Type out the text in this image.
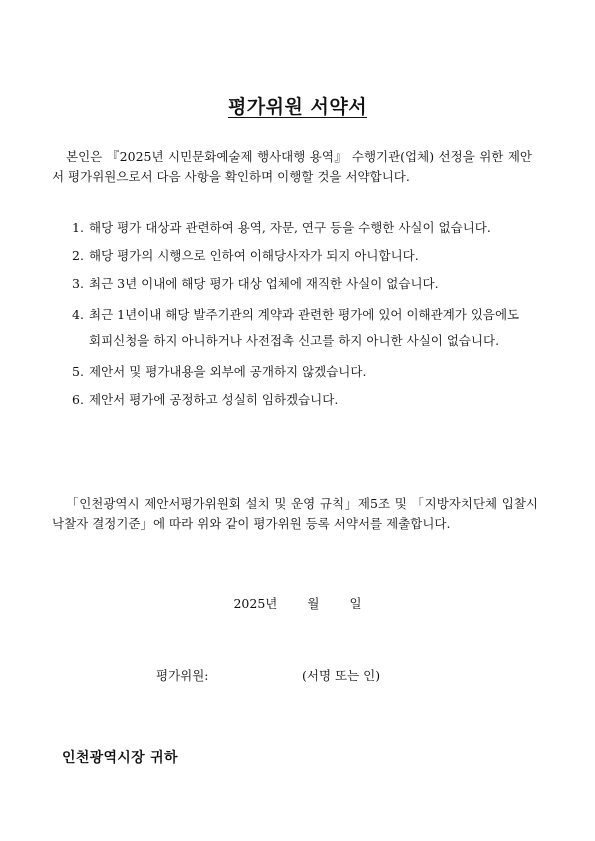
평가위원 서약서
본인은 『2025년 시민문화예술제 행사대행 용역』 수행기관(업체) 선정을 위한 제안서 평가위원으로서 다음 사항을 확인하며 이행할 것을 서약합니다.
1. 해당 평가 대상과 관련하여 용역, 자문, 연구 등을 수행한 사실이 없습니다.
2. 해당 평가의 시행으로 인하여 이해당사자가 되지 아니합니다.
3. 최근 3년 이내에 해당 평가 대상 업체에 재직한 사실이 없습니다.
4. 최근 1년이내 해당 발주기관의 계약과 관련한 평가에 있어 이해관계가 있음에도 회피신청을 하지 아니하거나 사전접촉 신고를 하지 아니한 사실이 없습니다.
5. 제안서 및 평가내용을 외부에 공개하지 않겠습니다.
6. 제안서 평가에 공정하고 성실히 임하겠습니다.
「인천광역시 제안서평가위원회 설치 및 운영 규칙」제5조 및 「지방자치단체 입찰시 낙찰자 결정기준」에 따라 위와 같이 평가위원 등록 서약서를 제출합니다.
2025년 월 일
평가위원:	(서명 또는 인)
인천광역시장 귀하
